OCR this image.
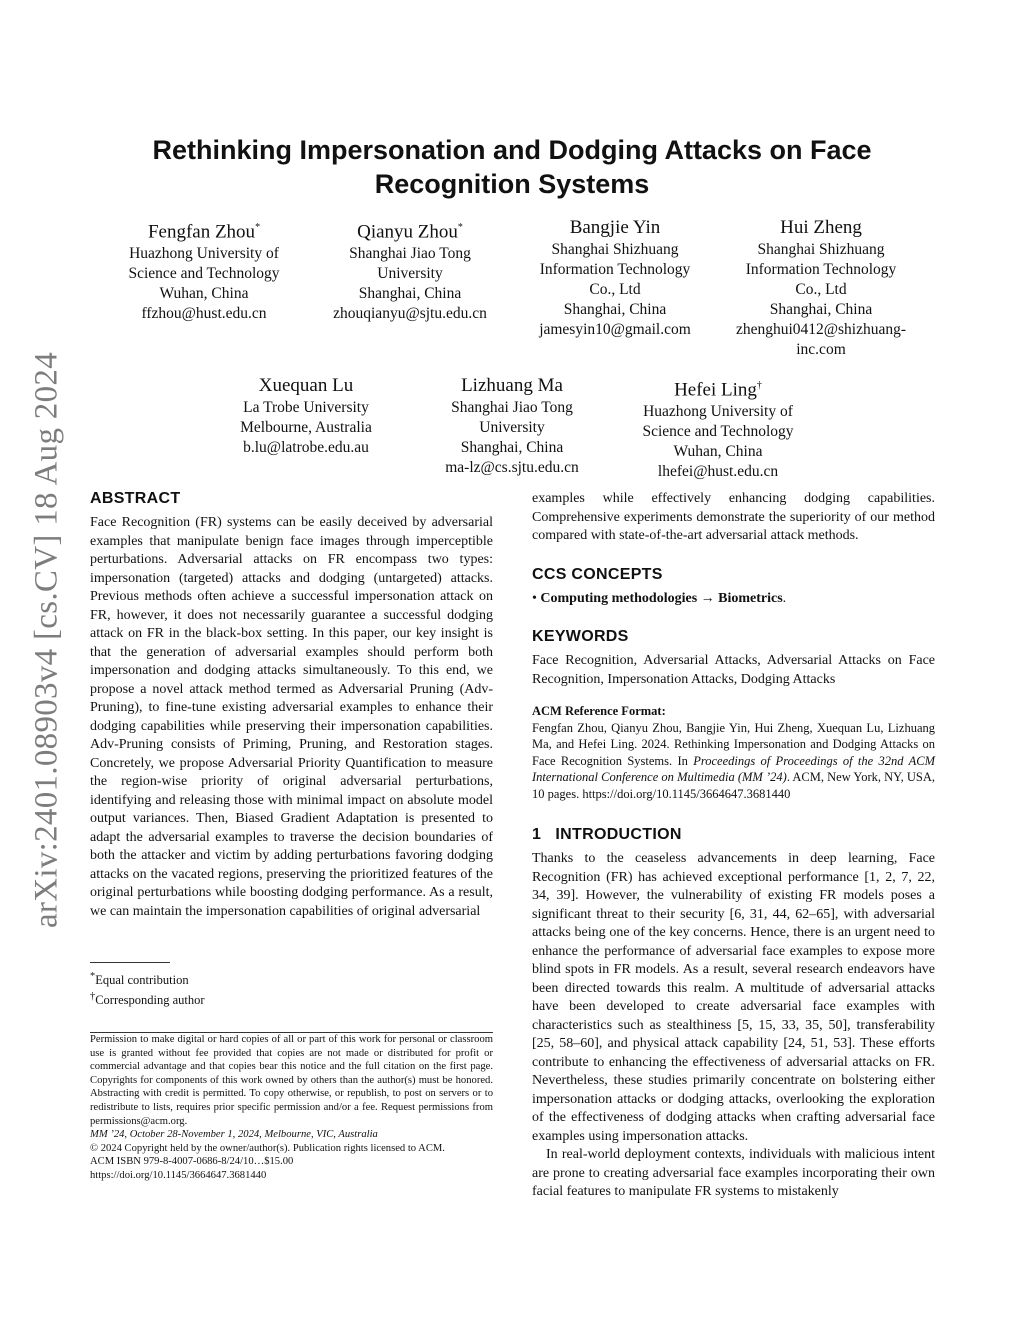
arXiv:2401.08903v4 [cs.CV] 18 Aug 2024
Rethinking Impersonation and Dodging Attacks on Face Recognition Systems
Fengfan Zhou*
Huazhong University of
Science and Technology
Wuhan, China
ffzhou@hust.edu.cn
Qianyu Zhou*
Shanghai Jiao Tong
University
Shanghai, China
zhouqianyu@sjtu.edu.cn
Bangjie Yin
Shanghai Shizhuang
Information Technology
Co., Ltd
Shanghai, China
jamesyin10@gmail.com
Hui Zheng
Shanghai Shizhuang
Information Technology
Co., Ltd
Shanghai, China
zhenghui0412@shizhuang-
inc.com
Xuequan Lu
La Trobe University
Melbourne, Australia
b.lu@latrobe.edu.au
Lizhuang Ma
Shanghai Jiao Tong
University
Shanghai, China
ma-lz@cs.sjtu.edu.cn
Hefei Ling†
Huazhong University of
Science and Technology
Wuhan, China
lhefei@hust.edu.cn
ABSTRACT

Face Recognition (FR) systems can be easily deceived by adversarial examples that manipulate benign face images through imperceptible perturbations. Adversarial attacks on FR encompass two types: impersonation (targeted) attacks and dodging (untargeted) attacks. Previous methods often achieve a successful impersonation attack on FR, however, it does not necessarily guarantee a successful dodging attack on FR in the black-box setting. In this paper, our key insight is that the generation of adversarial examples should perform both impersonation and dodging attacks simultaneously. To this end, we propose a novel attack method termed as Adversarial Pruning (Adv-Pruning), to fine-tune existing adversarial examples to enhance their dodging capabilities while preserving their impersonation capabilities. Adv-Pruning consists of Priming, Pruning, and Restoration stages. Concretely, we propose Adversarial Priority Quantification to measure the region-wise priority of original adversarial perturbations, identifying and releasing those with minimal impact on absolute model output variances. Then, Biased Gradient Adaptation is presented to adapt the adversarial examples to traverse the decision boundaries of both the attacker and victim by adding perturbations favoring dodging attacks on the vacated regions, preserving the prioritized features of the original perturbations while boosting dodging performance. As a result, we can maintain the impersonation capabilities of original adversarial

*Equal contribution
†Corresponding author
Permission to make digital or hard copies of all or part of this work for personal or classroom use is granted without fee provided that copies are not made or distributed for profit or commercial advantage and that copies bear this notice and the full citation on the first page. Copyrights for components of this work owned by others than the author(s) must be honored. Abstracting with credit is permitted. To copy otherwise, or republish, to post on servers or to redistribute to lists, requires prior specific permission and/or a fee. Request permissions from permissions@acm.org.
MM ’24, October 28-November 1, 2024, Melbourne, VIC, Australia
© 2024 Copyright held by the owner/author(s). Publication rights licensed to ACM.
ACM ISBN 979-8-4007-0686-8/24/10…$15.00
https://doi.org/10.1145/3664647.3681440

examples while effectively enhancing dodging capabilities. Comprehensive experiments demonstrate the superiority of our method compared with state-of-the-art adversarial attack methods.

CCS CONCEPTS

• Computing methodologies → Biometrics.

KEYWORDS

Face Recognition, Adversarial Attacks, Adversarial Attacks on Face Recognition, Impersonation Attacks, Dodging Attacks

ACM Reference Format:
Fengfan Zhou, Qianyu Zhou, Bangjie Yin, Hui Zheng, Xuequan Lu, Lizhuang Ma, and Hefei Ling. 2024. Rethinking Impersonation and Dodging Attacks on Face Recognition Systems. In Proceedings of Proceedings of the 32nd ACM International Conference on Multimedia (MM ’24). ACM, New York, NY, USA, 10 pages. https://doi.org/10.1145/3664647.3681440
1   INTRODUCTION

Thanks to the ceaseless advancements in deep learning, Face Recognition (FR) has achieved exceptional performance [1, 2, 7, 22, 34, 39]. However, the vulnerability of existing FR models poses a significant threat to their security [6, 31, 44, 62–65], with adversarial attacks being one of the key concerns. Hence, there is an urgent need to enhance the performance of adversarial face examples to expose more blind spots in FR models. As a result, several research endeavors have been directed towards this realm. A multitude of adversarial attacks have been developed to create adversarial face examples with characteristics such as stealthiness [5, 15, 33, 35, 50], transferability [25, 58–60], and physical attack capability [24, 51, 53]. These efforts contribute to enhancing the effectiveness of adversarial attacks on FR. Nevertheless, these studies primarily concentrate on bolstering either impersonation attacks or dodging attacks, overlooking the exploration of the effectiveness of dodging attacks when crafting adversarial face examples using impersonation attacks.

In real-world deployment contexts, individuals with malicious intent are prone to creating adversarial face examples incorporating their own facial features to manipulate FR systems to mistakenly
